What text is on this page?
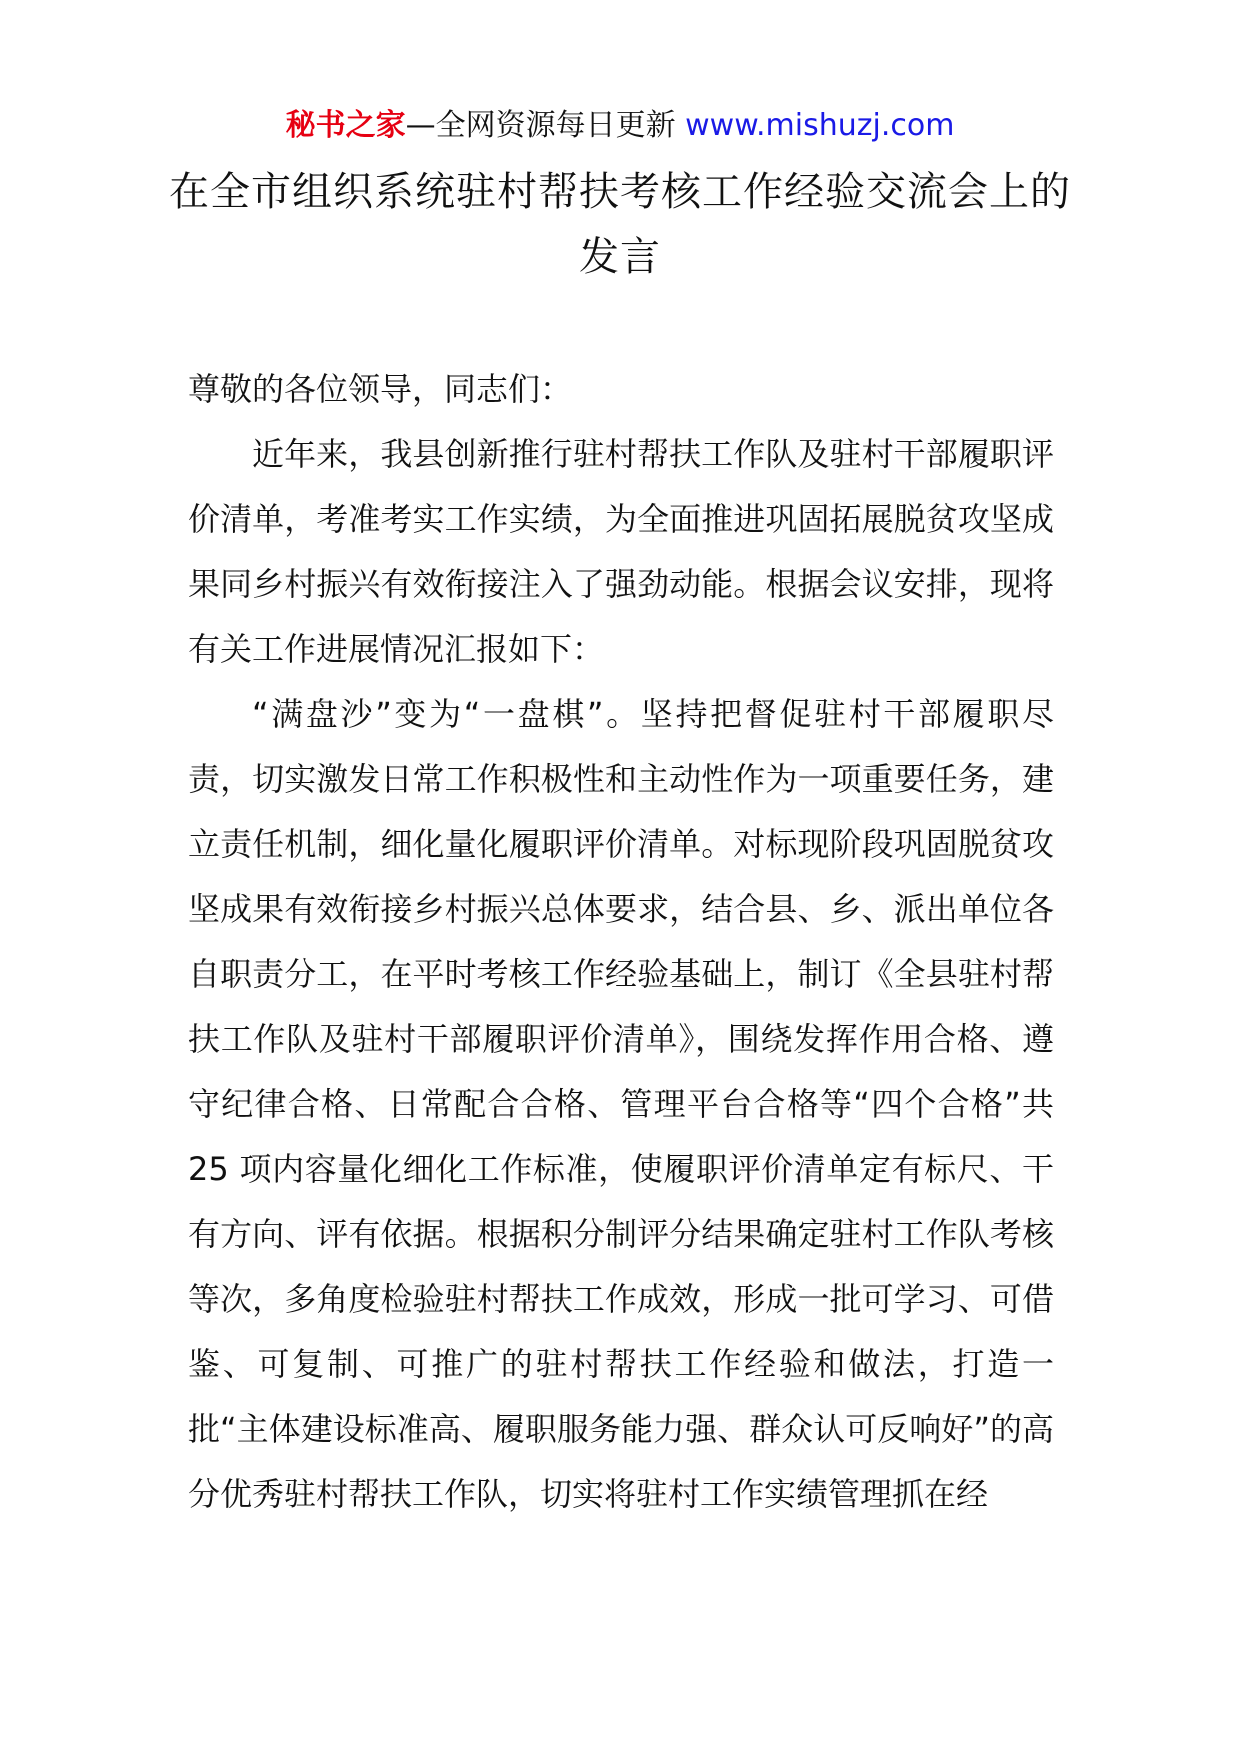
秘书之家—全网资源每日更新 www.mishuzj.com
在全市组织系统驻村帮扶考核工作经验交流会上的发言

尊敬的各位领导，同志们：

近年来，我县创新推行驻村帮扶工作队及驻村干部履职评价清单，考准考实工作实绩，为全面推进巩固拓展脱贫攻坚成果同乡村振兴有效衔接注入了强劲动能。根据会议安排，现将有关工作进展情况汇报如下：

“满盘沙”变为“一盘棋”。坚持把督促驻村干部履职尽责，切实激发日常工作积极性和主动性作为一项重要任务，建立责任机制，细化量化履职评价清单。对标现阶段巩固脱贫攻坚成果有效衔接乡村振兴总体要求，结合县、乡、派出单位各自职责分工，在平时考核工作经验基础上，制订《全县驻村帮扶工作队及驻村干部履职评价清单》，围绕发挥作用合格、遵守纪律合格、日常配合合格、管理平台合格等“四个合格”共 25 项内容量化细化工作标准，使履职评价清单定有标尺、干有方向、评有依据。根据积分制评分结果确定驻村工作队考核等次，多角度检验驻村帮扶工作成效，形成一批可学习、可借鉴、可复制、可推广的驻村帮扶工作经验和做法，打造一批“主体建设标准高、履职服务能力强、群众认可反响好”的高分优秀驻村帮扶工作队，切实将驻村工作实绩管理抓在经
